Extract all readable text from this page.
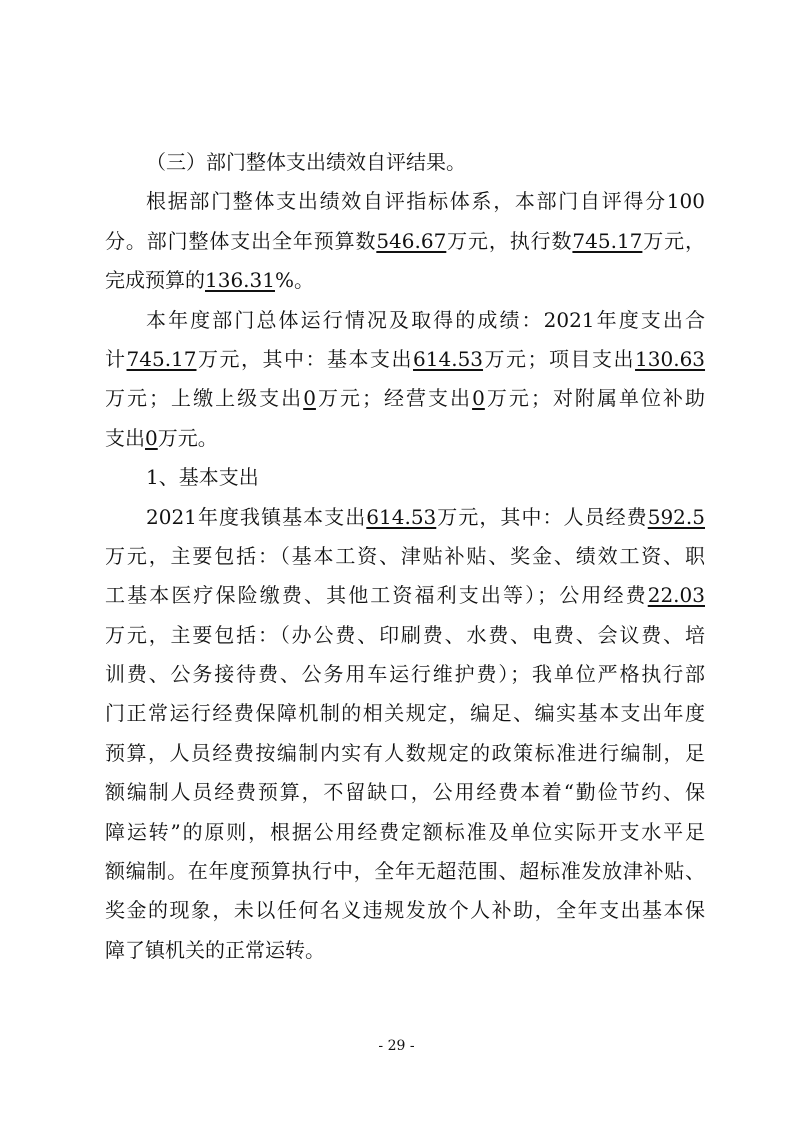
（三）部门整体支出绩效自评结果。
根据部门整体支出绩效自评指标体系，本部门自评得分100
分。部门整体支出全年预算数546.67万元，执行数745.17万元，
完成预算的136.31%。
本年度部门总体运行情况及取得的成绩：2021年度支出合
计745.17万元，其中：基本支出614.53万元；项目支出130.63
万元；上缴上级支出0万元；经营支出0万元；对附属单位补助
支出0万元。
1、基本支出
2021年度我镇基本支出614.53万元，其中：人员经费592.5
万元，主要包括：（基本工资、津贴补贴、奖金、绩效工资、职
工基本医疗保险缴费、其他工资福利支出等）；公用经费22.03
万元，主要包括：（办公费、印刷费、水费、电费、会议费、培
训费、公务接待费、公务用车运行维护费）；我单位严格执行部
门正常运行经费保障机制的相关规定，编足、编实基本支出年度
预算，人员经费按编制内实有人数规定的政策标准进行编制，足
额编制人员经费预算，不留缺口，公用经费本着“勤俭节约、保
障运转”的原则，根据公用经费定额标准及单位实际开支水平足
额编制。在年度预算执行中，全年无超范围、超标准发放津补贴、
奖金的现象，未以任何名义违规发放个人补助，全年支出基本保
障了镇机关的正常运转。
- 29 -
